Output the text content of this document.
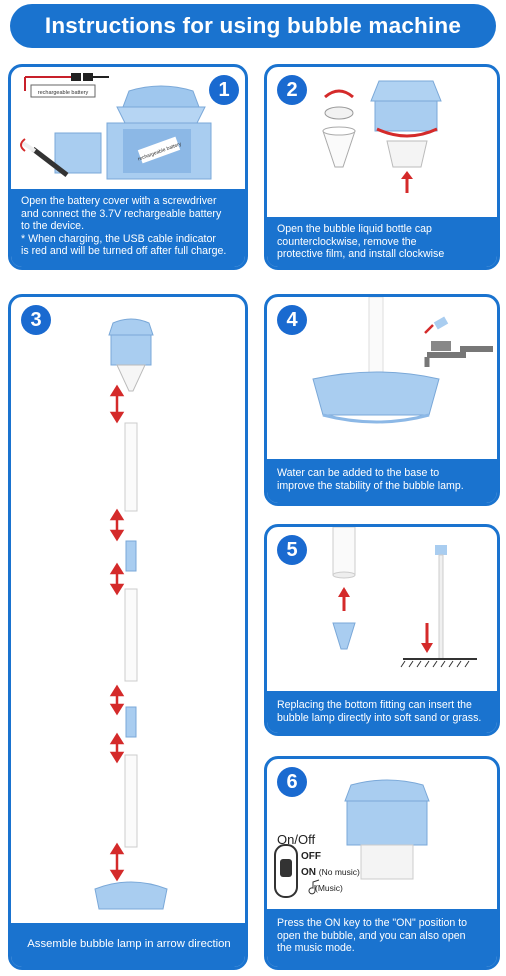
Instructions for using bubble machine
rechargeable battery
rechargeable battery
1

Open the battery cover with a screwdriver

and connect the 3.7V rechargeable battery

to the device.

* When charging, the USB cable indicator

is red and will be turned off after full charge.

2

Open the bubble liquid bottle cap

counterclockwise, remove the

protective film, and install clockwise

3

Assemble bubble lamp in arrow direction

4

Water can be added to the base to

improve the stability of the bubble lamp.

5

Replacing the bottom fitting can insert the

bubble lamp directly into soft sand or grass.

6
On/Off
OFF
ON (No music)
(Music)

Press the ON key to the "ON" position to

open the bubble, and you can also open

the music mode.
